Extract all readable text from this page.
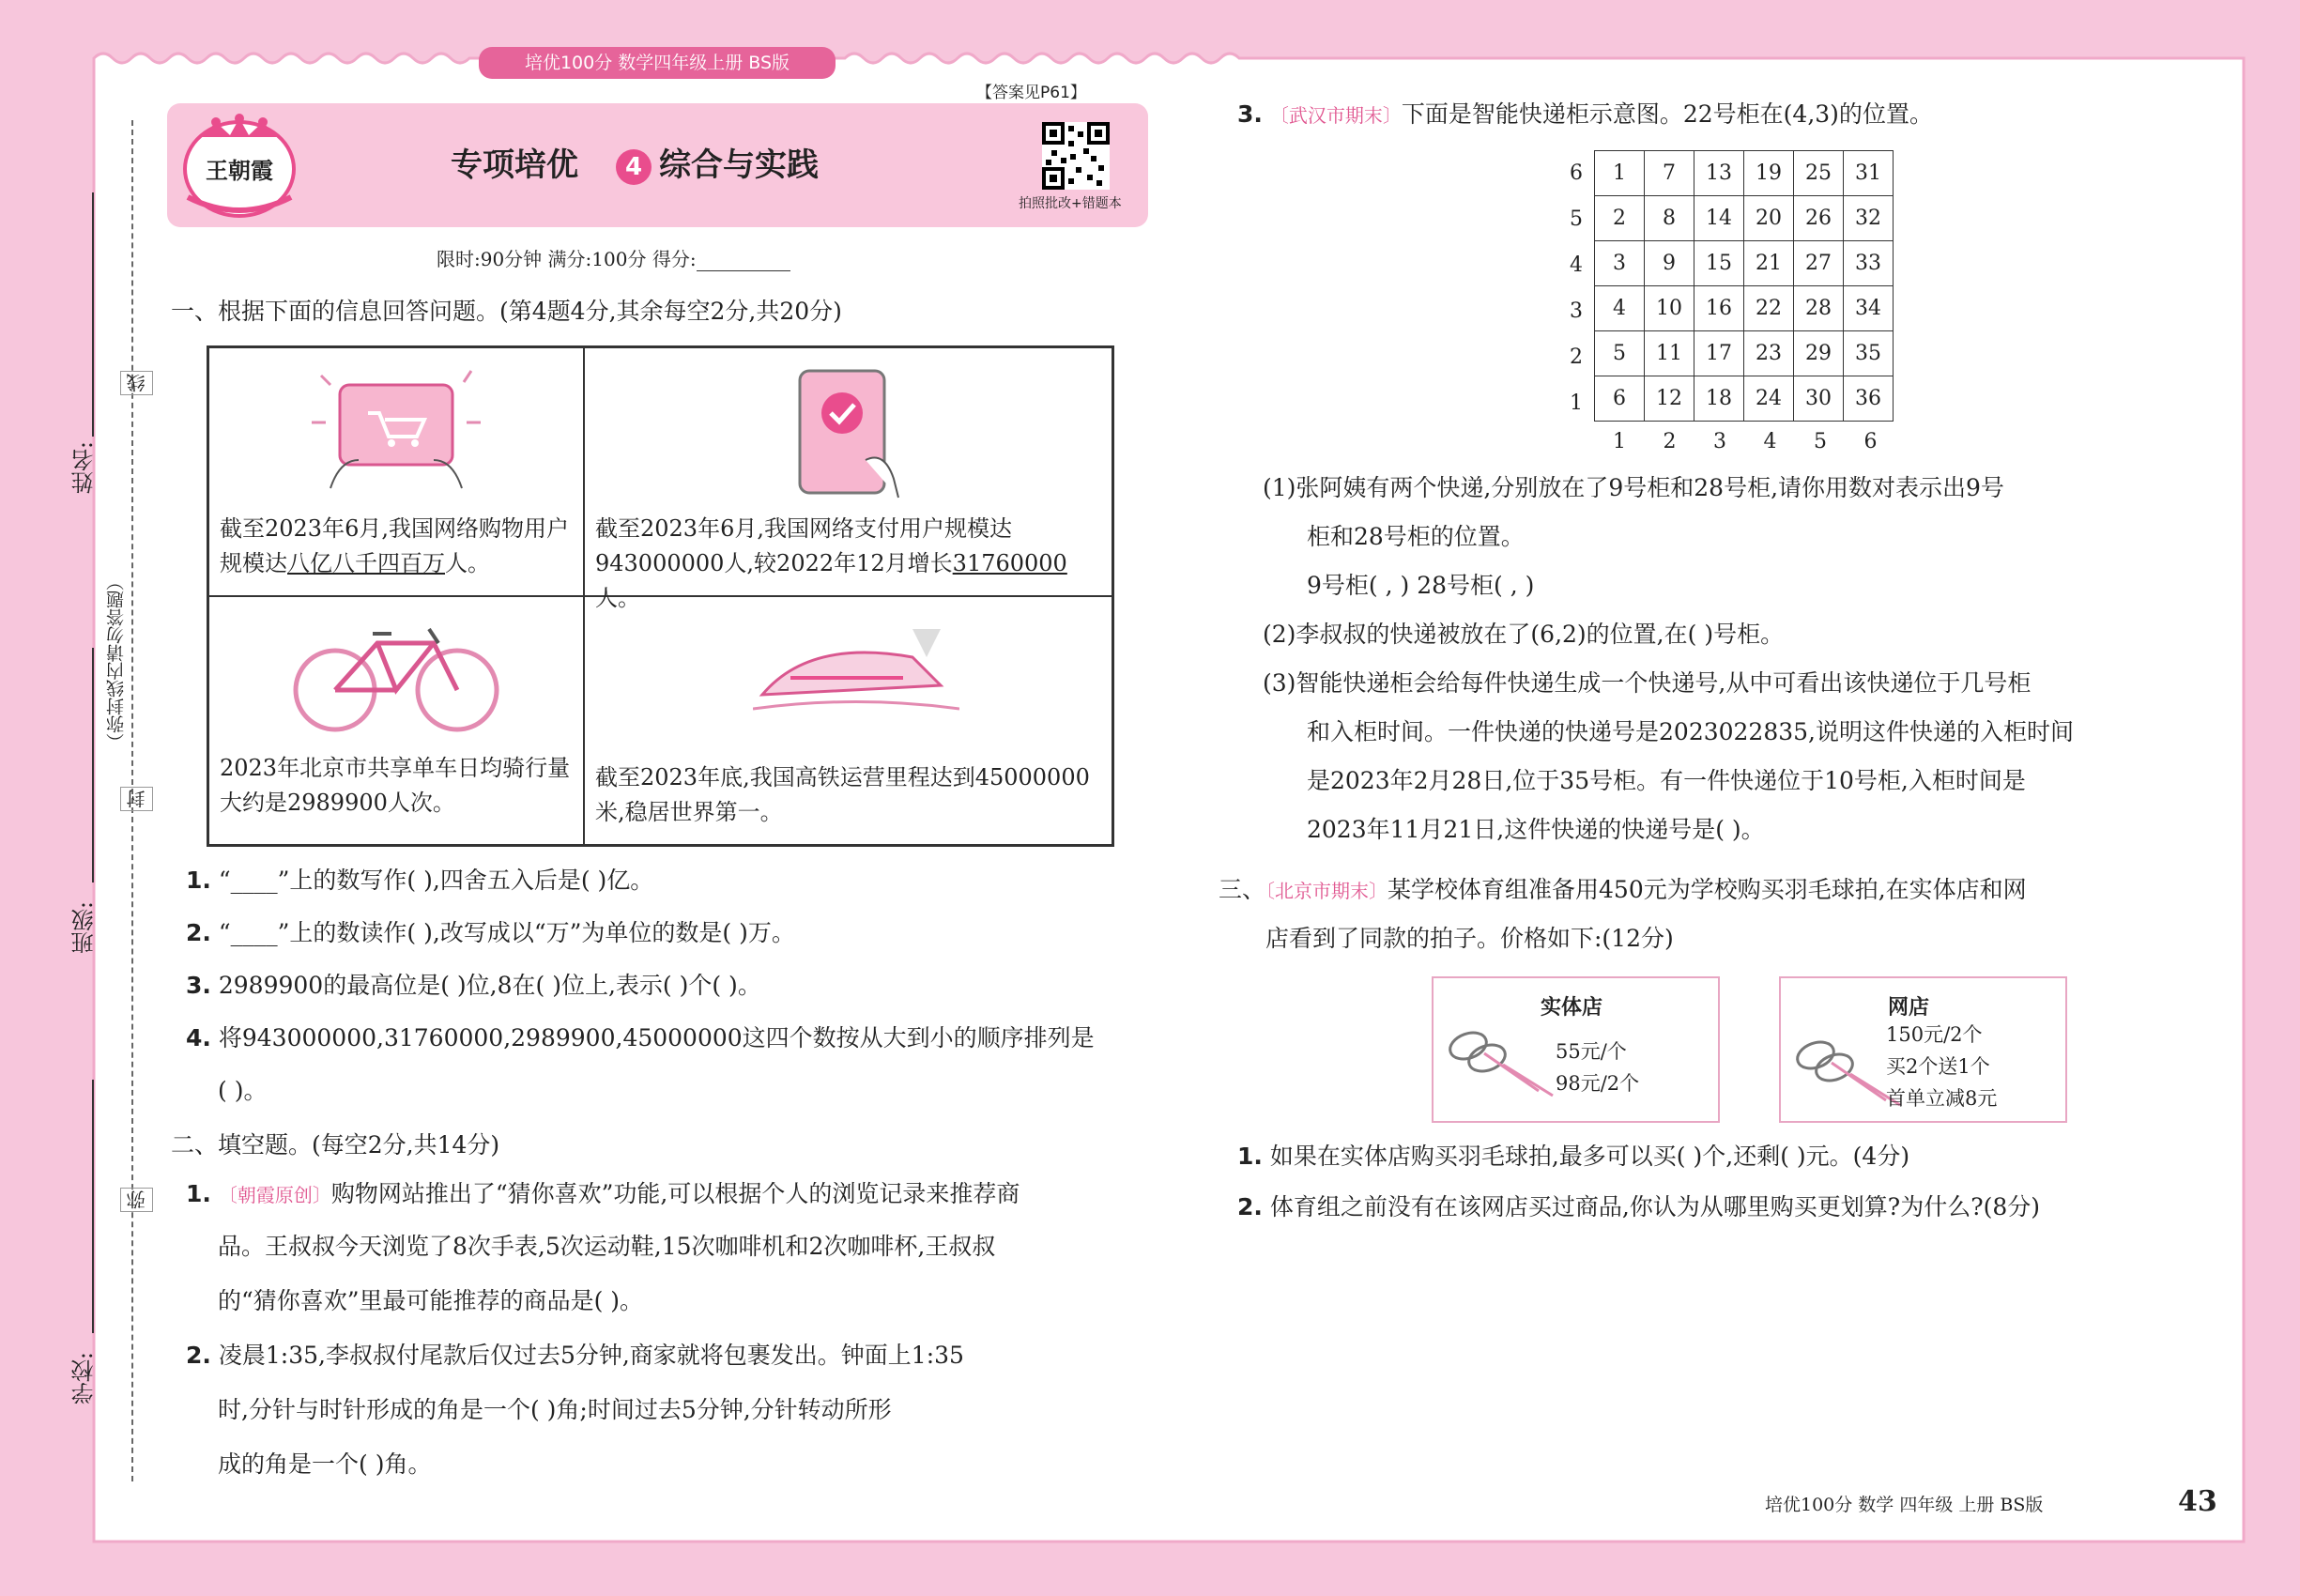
培优100分 数学四年级上册 BS版
姓名:
线
（弥封线内请勿答题）
封
班级:
弥
学校:
【答案见P61】
王朝霞	专项培优 4 综合与实践
拍照批改+错题本
限时:90分钟 满分:100分 得分:
一、根据下面的信息回答问题。(第4题4分,其余每空2分,共20分)
截至2023年6月,我国网络购物用户规模达八亿八千四百万人。
截至2023年6月,我国网络支付用户规模达943000000人,较2022年12月增长31760000人。
2023年北京市共享单车日均骑行量大约是2989900人次。
截至2023年底,我国高铁运营里程达到45000000米,稳居世界第一。
1. “____”上的数写作( ),四舍五入后是( )亿。
2. “____”上的数读作( ),改写成以“万”为单位的数是( )万。
3. 2989900的最高位是( )位,8在( )位上,表示( )个( )。
4. 将943000000,31760000,2989900,45000000这四个数按从大到小的顺序排列是
( )。
二、填空题。(每空2分,共14分)
1. 〔朝霞原创〕购物网站推出了“猜你喜欢”功能,可以根据个人的浏览记录来推荐商
品。王叔叔今天浏览了8次手表,5次运动鞋,15次咖啡机和2次咖啡杯,王叔叔
的“猜你喜欢”里最可能推荐的商品是( )。
2. 凌晨1:35,李叔叔付尾款后仅过去5分钟,商家就将包裹发出。钟面上1:35
时,分针与时针形成的角是一个( )角;时间过去5分钟,分针转动所形
成的角是一个( )角。
3. 〔武汉市期末〕下面是智能快递柜示意图。22号柜在(4,3)的位置。
6
5
4
3
2
1
1	7	13	19	25	31
2	8	14	20	26	32
3	9	15	21	27	33
4	10	16	22	28	34
5	11	17	23	29	35
6	12	18	24	30	36
1 2 3 4 5 6
(1)张阿姨有两个快递,分别放在了9号柜和28号柜,请你用数对表示出9号
柜和28号柜的位置。
9号柜( , ) 28号柜( , )
(2)李叔叔的快递被放在了(6,2)的位置,在( )号柜。
(3)智能快递柜会给每件快递生成一个快递号,从中可看出该快递位于几号柜
和入柜时间。一件快递的快递号是2023022835,说明这件快递的入柜时间
是2023年2月28日,位于35号柜。有一件快递位于10号柜,入柜时间是
2023年11月21日,这件快递的快递号是( )。
三、〔北京市期末〕某学校体育组准备用450元为学校购买羽毛球拍,在实体店和网
店看到了同款的拍子。价格如下:(12分)
实体店
55元/个
98元/2个
网店
150元/2个
买2个送1个
首单立减8元
1. 如果在实体店购买羽毛球拍,最多可以买( )个,还剩( )元。(4分)
2. 体育组之前没有在该网店买过商品,你认为从哪里购买更划算?为什么?(8分)
培优100分 数学 四年级 上册 BS版	43
